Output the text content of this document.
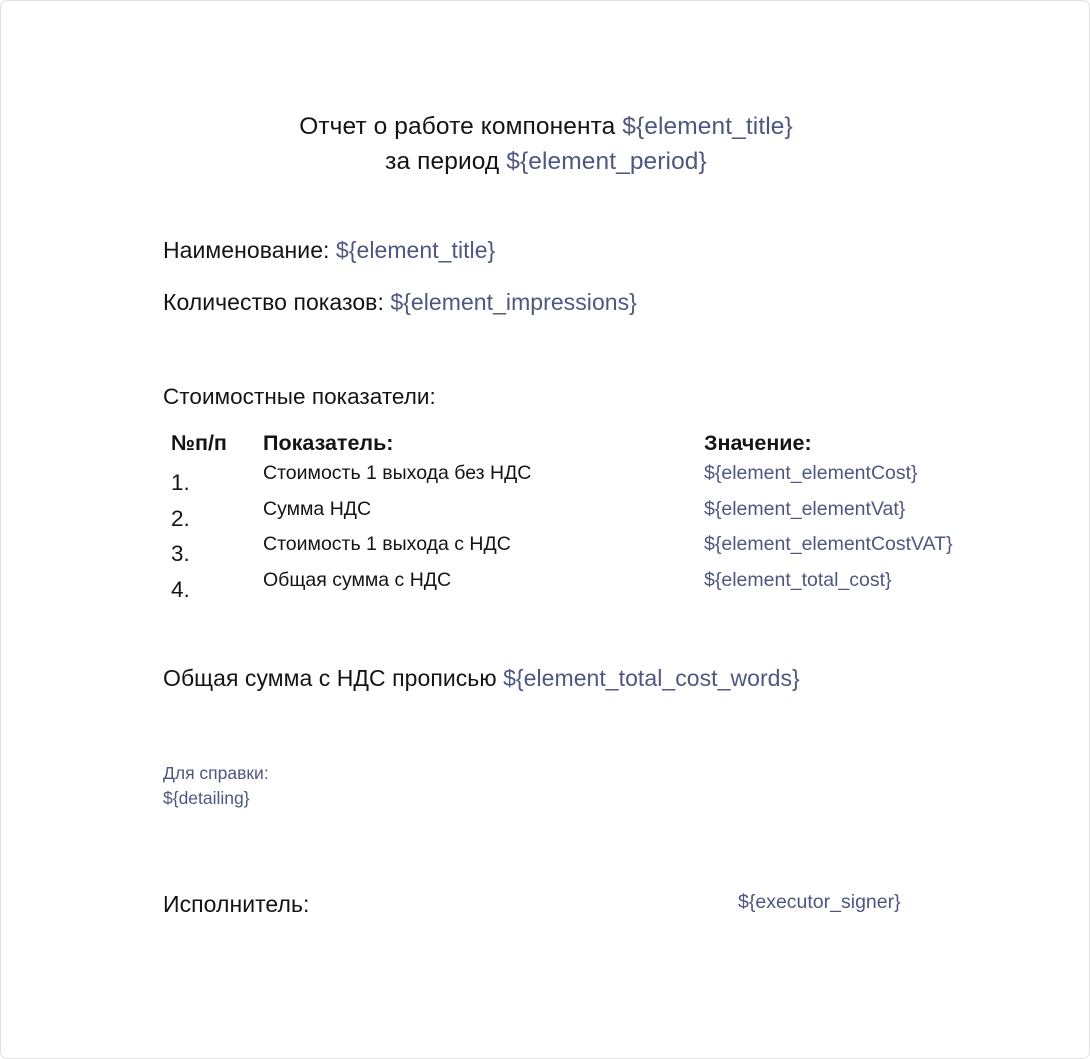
Отчет о работе компонента ${element_title}
за период ${element_period}
Наименование: ${element_title}
Количество показов: ${element_impressions}
Стоимостные показатели:
№п/п Показатель:	Значение:
1.	Стоимость 1 выхода без НДС	${element_elementCost}
2.	Сумма НДС	${element_elementVat}
3.	Стоимость 1 выхода с НДС	${element_elementCostVAT}
4.	Общая сумма с НДС	${element_total_cost}
Общая сумма с НДС прописью ${element_total_cost_words}
Для справки:
${detailing}
Исполнитель:	${executor_signer}
